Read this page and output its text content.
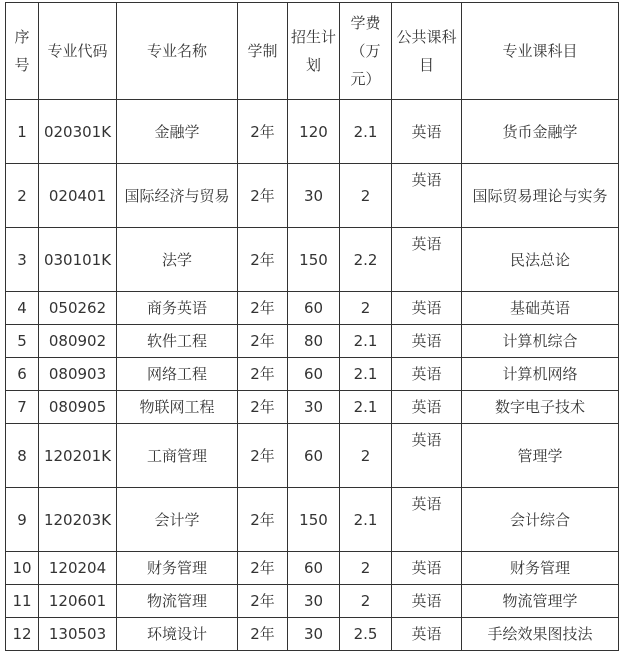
序号	专业代码	专业名称	学制	招生计划	学费（万元）	公共课科目	专业课科目
1	020301K	金融学	2年	120	2.1	英语	货币金融学
2	020401	国际经济与贸易	2年	30	2	英语	国际贸易理论与实务
3	030101K	法学	2年	150	2.2	英语	民法总论
4	050262	商务英语	2年	60	2	英语	基础英语
5	080902	软件工程	2年	80	2.1	英语	计算机综合
6	080903	网络工程	2年	60	2.1	英语	计算机网络
7	080905	物联网工程	2年	30	2.1	英语	数字电子技术
8	120201K	工商管理	2年	60	2	英语	管理学
9	120203K	会计学	2年	150	2.1	英语	会计综合
10	120204	财务管理	2年	60	2	英语	财务管理
11	120601	物流管理	2年	30	2	英语	物流管理学
12	130503	环境设计	2年	30	2.5	英语	手绘效果图技法
